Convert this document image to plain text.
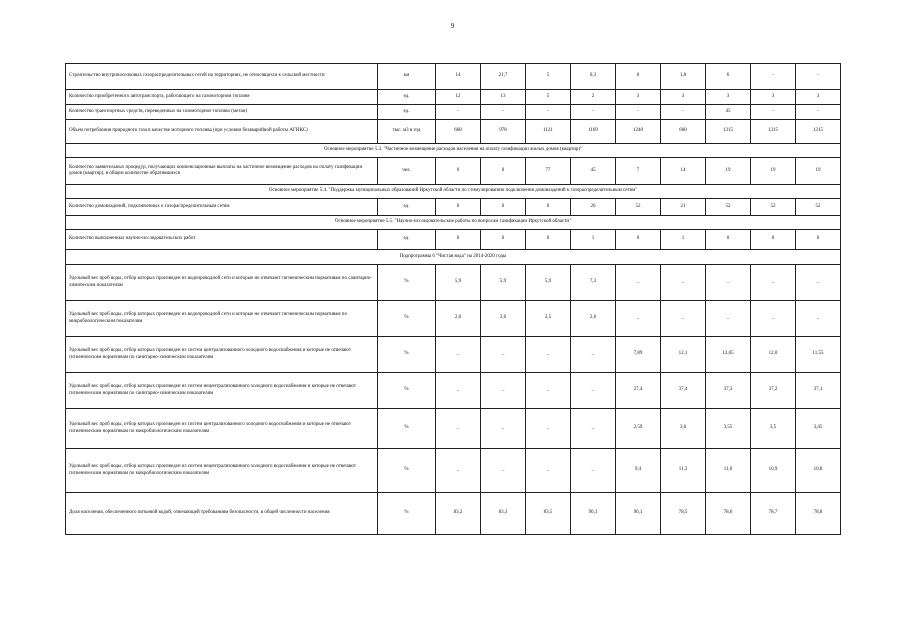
9
Строительство внутрипоселковых газораспределительных сетей на территориях, не относящихся к сельской местности	км	14	21,7	5	0,3	0	1,8	6	-	-
Количество приобретенного автотранспорта, работающего на газомоторном топливе	ед.	12	13	5	2	3	3	3	3	3
Количество транспортных средств, переведенных на газомоторное топливо (метан)	ед.	-	-	-	-	-	-	45	-	-
Объем потребления природного газа в качестве моторного топлива (при условии безаварийной работы АГНКС)	тыс. м3 в год	668	978	1121	1169	1240	660	1315	1315	1315
Основное мероприятие 5.3. "Частичное возмещение расходов населения на оплату газификации жилых домов (квартир)"										
Количество заявительных процедур, получающих компенсационные выплаты на частичное возмещение расходов на оплату газификации домов (квартир), в общем количестве обратившихся	чел.	0	0	77	45	7	14	19	19	19
Основное мероприятие 5.4. "Поддержка муниципальных образований Иркутской области по стимулированию подключения домовладений к газораспределительным сетям"										
Количество домовладений, подключенных к газораспределительным сетям	ед.	0	0	0	26	52	21	52	52	52
Основное мероприятие 5.5. "Научно-исследовательские работы по вопросам газификации Иркутской области"										
Количество выполненных научно-исследовательских работ	ед.	0	0	0	1	0	1	0	0	0
Подпрограмма 6 "Чистая вода" на 2014-2020 годы										
Удельный вес проб воды, отбор которых произведен из водопроводной сети и которые не отвечают гигиеническим нормативам по санитарно-химическим показателям	%	5,9	5,9	5,9	7,3	_	_	_	_	_
Удельный вес проб воды, отбор которых произведен из водопроводной сети и которые не отвечают гигиеническим нормативам по микробиологическим показателям	%	2,6	2,6	2,5	2,6	_	_	_	_	_
Удельный вес проб воды, отбор которых произведен из систем централизованного холодного водоснабжения и которые не отвечают гигиеническим нормативам по санитарно-химическим показателям	%	_	_	_	_	7,89	12,1	12,05	12,0	11,55
Удельный вес проб воды, отбор которых произведен из систем нецентрализованного холодного водоснабжения и которые не отвечают гигиеническим нормативам по санитарно-химическим показателям	%	_	_	_	_	27,4	37,4	37,3	37,2	37,1
Удельный вес проб воды, отбор которых произведен из систем централизованного холодного водоснабжения и которые не отвечают гигиеническим нормативам по микробиологическим показателям	%	_	_	_	_	2,59	3,6	3,55	3,5	3,45
Удельный вес проб воды, отбор которых произведен из систем нецентрализованного холодного водоснабжения и которые не отвечают гигиеническим нормативам по микробиологическим показателям	%	_	_	_	_	9,4	11,3	11,0	10,9	10,8
Доля населения, обеспеченного питьевой водой, отвечающей требованиям безопасности, в общей численности населения	%	83,2	83,3	83,5	96,1	96,1	78,5	78,6	78,7	78,8
